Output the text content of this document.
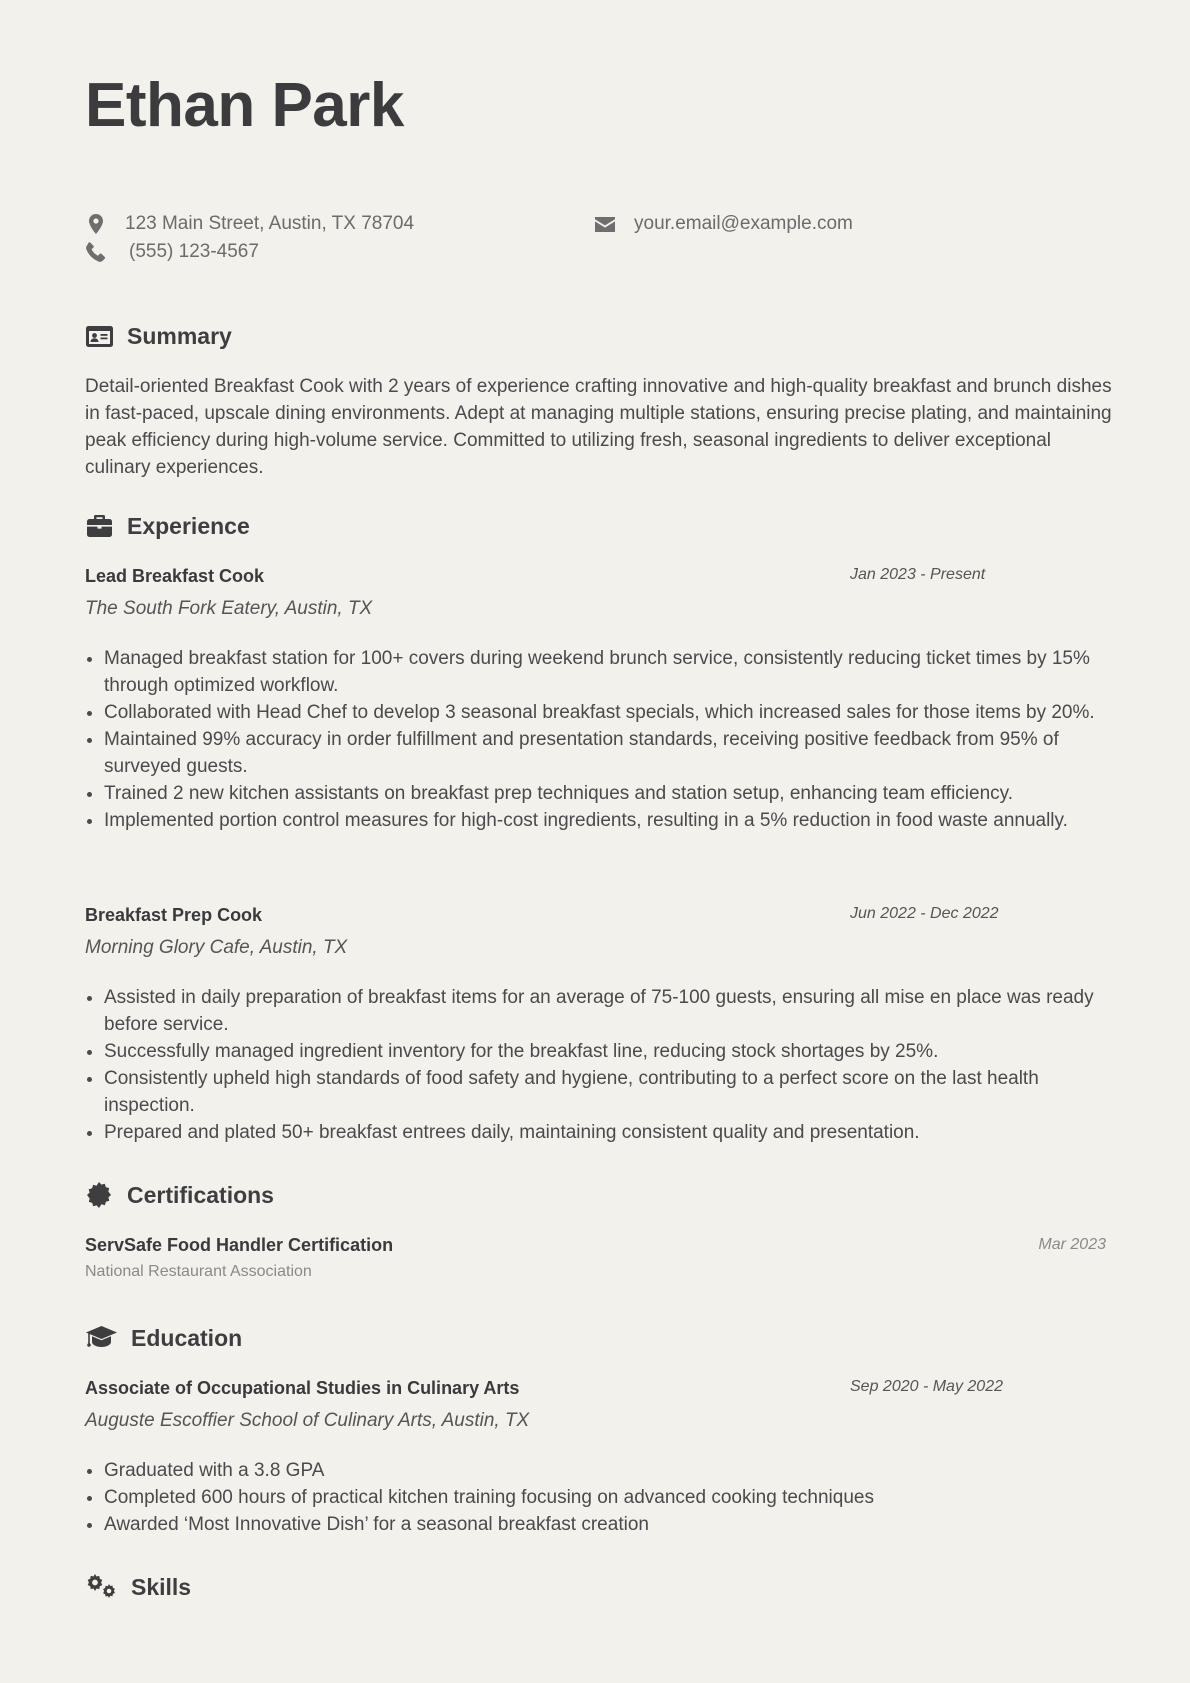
Ethan Park
123 Main Street, Austin, TX 78704	your.email@example.com
(555) 123-4567
Summary

Detail-oriented Breakfast Cook with 2 years of experience crafting innovative and high-quality breakfast and brunch dishes in fast-paced, upscale dining environments. Adept at managing multiple stations, ensuring precise plating, and maintaining peak efficiency during high-volume service. Committed to utilizing fresh, seasonal ingredients to deliver exceptional culinary experiences.

Experience

Lead Breakfast Cook	Jan 2023 - Present

The South Fork Eatery, Austin, TX

• Managed breakfast station for 100+ covers during weekend brunch service, consistently reducing ticket times by 15% through optimized workflow.
• Collaborated with Head Chef to develop 3 seasonal breakfast specials, which increased sales for those items by 20%.
• Maintained 99% accuracy in order fulfillment and presentation standards, receiving positive feedback from 95% of surveyed guests.
• Trained 2 new kitchen assistants on breakfast prep techniques and station setup, enhancing team efficiency.
• Implemented portion control measures for high-cost ingredients, resulting in a 5% reduction in food waste annually.

Breakfast Prep Cook	Jun 2022 - Dec 2022

Morning Glory Cafe, Austin, TX

• Assisted in daily preparation of breakfast items for an average of 75-100 guests, ensuring all mise en place was ready before service.
• Successfully managed ingredient inventory for the breakfast line, reducing stock shortages by 25%.
• Consistently upheld high standards of food safety and hygiene, contributing to a perfect score on the last health inspection.
• Prepared and plated 50+ breakfast entrees daily, maintaining consistent quality and presentation.
Certifications

ServSafe Food Handler Certification	Mar 2023

National Restaurant Association

Education

Associate of Occupational Studies in Culinary Arts	Sep 2020 - May 2022

Auguste Escoffier School of Culinary Arts, Austin, TX

• Graduated with a 3.8 GPA
• Completed 600 hours of practical kitchen training focusing on advanced cooking techniques
• Awarded ‘Most Innovative Dish’ for a seasonal breakfast creation
Skills
